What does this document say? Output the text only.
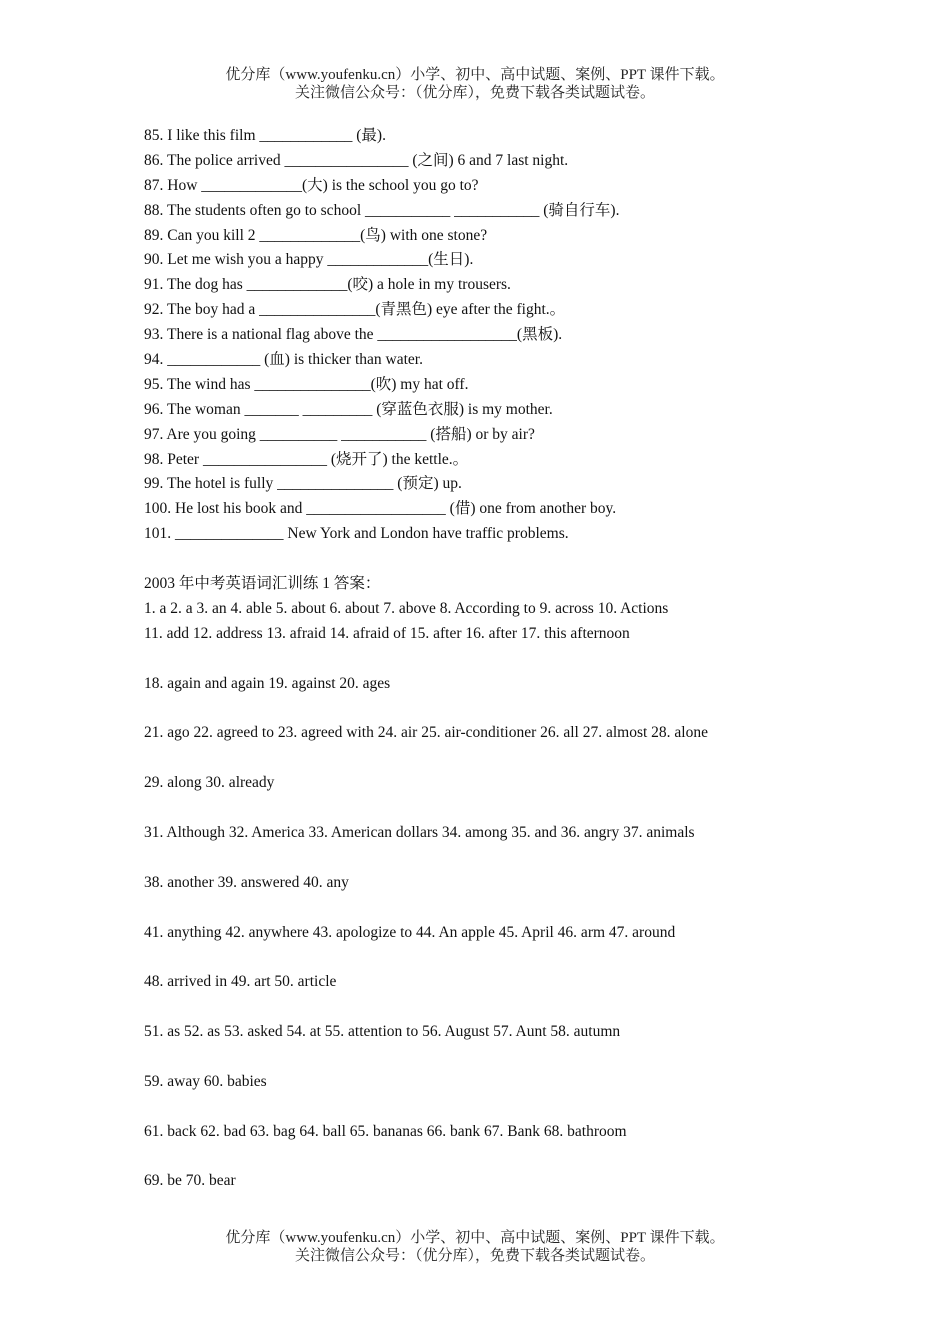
优分库（www.youfenku.cn）小学、初中、高中试题、案例、PPT 课件下载。
关注微信公众号：（优分库），免费下载各类试题试卷。
85. I like this film ____________ (最).
86. The police arrived ________________ (之间) 6 and 7 last night.
87. How _____________(大) is the school you go to?
88. The students often go to school ___________ ___________ (骑自行车).
89. Can you kill 2 _____________(鸟) with one stone?
90. Let me wish you a happy _____________(生日).
91. The dog has _____________(咬) a hole in my trousers.
92. The boy had a _______________(青黑色) eye after the fight.。
93. There is a national flag above the __________________(黑板).
94. ____________ (血) is thicker than water.
95. The wind has _______________(吹) my hat off.
96. The woman _______ _________ (穿蓝色衣服) is my mother.
97. Are you going __________ ___________ (搭船) or by air?
98. Peter ________________ (烧开了) the kettle.。
99. The hotel is fully _______________ (预定) up.
100. He lost his book and __________________ (借) one from another boy.
101. ______________ New York and London have traffic problems.
2003 年中考英语词汇训练 1 答案：
1. a 2. a 3. an 4. able 5. about 6. about 7. above 8. According to 9. across 10. Actions
11. add 12. address 13. afraid 14. afraid of 15. after 16. after 17. this afternoon
18. again and again 19. against 20. ages
21. ago 22. agreed to 23. agreed with 24. air 25. air-conditioner 26. all 27. almost 28. alone
29. along 30. already
31. Although 32. America 33. American dollars 34. among 35. and 36. angry 37. animals
38. another 39. answered 40. any
41. anything 42. anywhere 43. apologize to 44. An apple 45. April 46. arm 47. around
48. arrived in 49. art 50. article
51. as 52. as 53. asked 54. at 55. attention to 56. August 57. Aunt 58. autumn
59. away 60. babies
61. back 62. bad 63. bag 64. ball 65. bananas 66. bank 67. Bank 68. bathroom
69. be 70. bear
优分库（www.youfenku.cn）小学、初中、高中试题、案例、PPT 课件下载。
关注微信公众号：（优分库），免费下载各类试题试卷。
